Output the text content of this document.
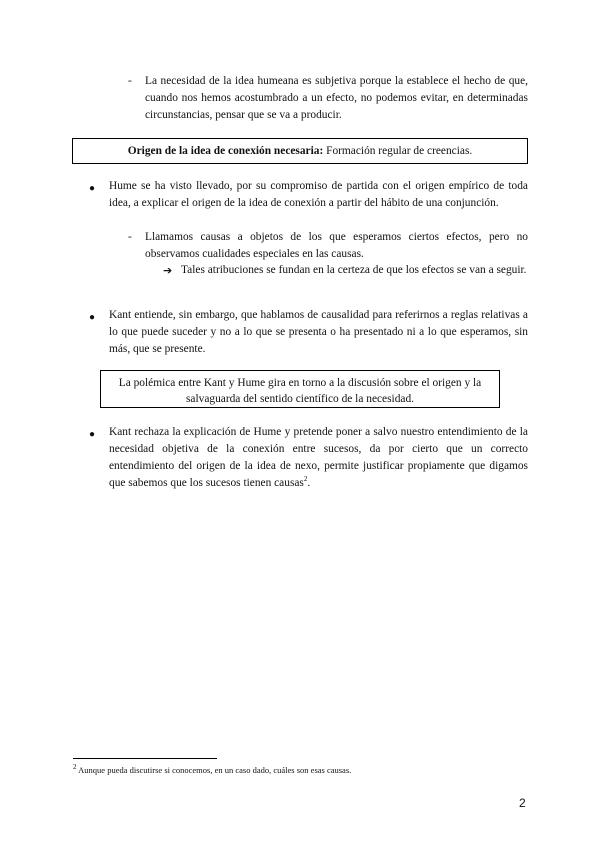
- La necesidad de la idea humeana es subjetiva porque la establece el hecho de que, cuando nos hemos acostumbrado a un efecto, no podemos evitar, en determinadas circunstancias, pensar que se va a producir.
Origen de la idea de conexión necesaria: Formación regular de creencias.
● Hume se ha visto llevado, por su compromiso de partida con el origen empírico de toda idea, a explicar el origen de la idea de conexión a partir del hábito de una conjunción.
- Llamamos causas a objetos de los que esperamos ciertos efectos, pero no observamos cualidades especiales en las causas.
➔ Tales atribuciones se fundan en la certeza de que los efectos se van a seguir.
● Kant entiende, sin embargo, que hablamos de causalidad para referirnos a reglas relativas a lo que puede suceder y no a lo que se presenta o ha presentado ni a lo que esperamos, sin más, que se presente.
La polémica entre Kant y Hume gira en torno a la discusión sobre el origen y la salvaguarda del sentido científico de la necesidad.
● Kant rechaza la explicación de Hume y pretende poner a salvo nuestro entendimiento de la necesidad objetiva de la conexión entre sucesos, da por cierto que un correcto entendimiento del origen de la idea de nexo, permite justificar propiamente que digamos que sabemos que los sucesos tienen causas$^2$.
$^2$ Aunque pueda discutirse si conocemos, en un caso dado, cuáles son esas causas.
2
